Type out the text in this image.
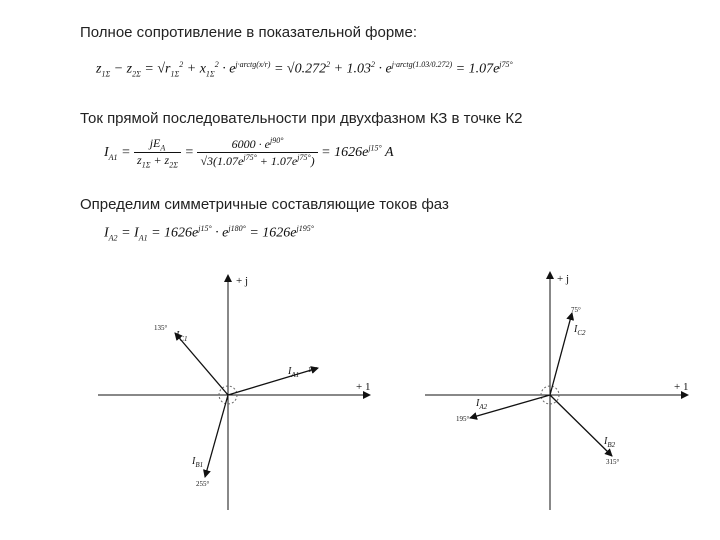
Полное сопротивление в показательной форме:
$z_{1\Sigma} - z_{2\Sigma} = √r_{1\Sigma}^2 + x_{1\Sigma}^2 \cdot e^{j\cdot arctg(x/r)} = √0.272^2 + 1.03^2 \cdot e^{j\cdot arctg(1.03/0.272)} = 1.07e^{j75^\circ}$
Ток прямой последовательности при двухфазном КЗ в точке К2
$I_{A1} = \frac{jE_A}{z_{1\Sigma} + z_{2\Sigma}} = \frac{6000 \cdot e^{j90^\circ}}{√3(1.07e^{j75^\circ} + 1.07e^{j75^\circ})} = 1626e^{j15^\circ}$ A
Определим симметричные составляющие токов фаз
$I_{A2} = I_{A1} = 1626e^{j15^\circ} \cdot e^{j180^\circ} = 1626e^{j195^\circ}$
+ j
+ 1
$I_{A1}$
15°
$I_{C1}$
135°
$I_{B1}$
255°
+ j
+ 1
$I_{C2}$
75°
$I_{A2}$
195°
$I_{B2}$
315°
